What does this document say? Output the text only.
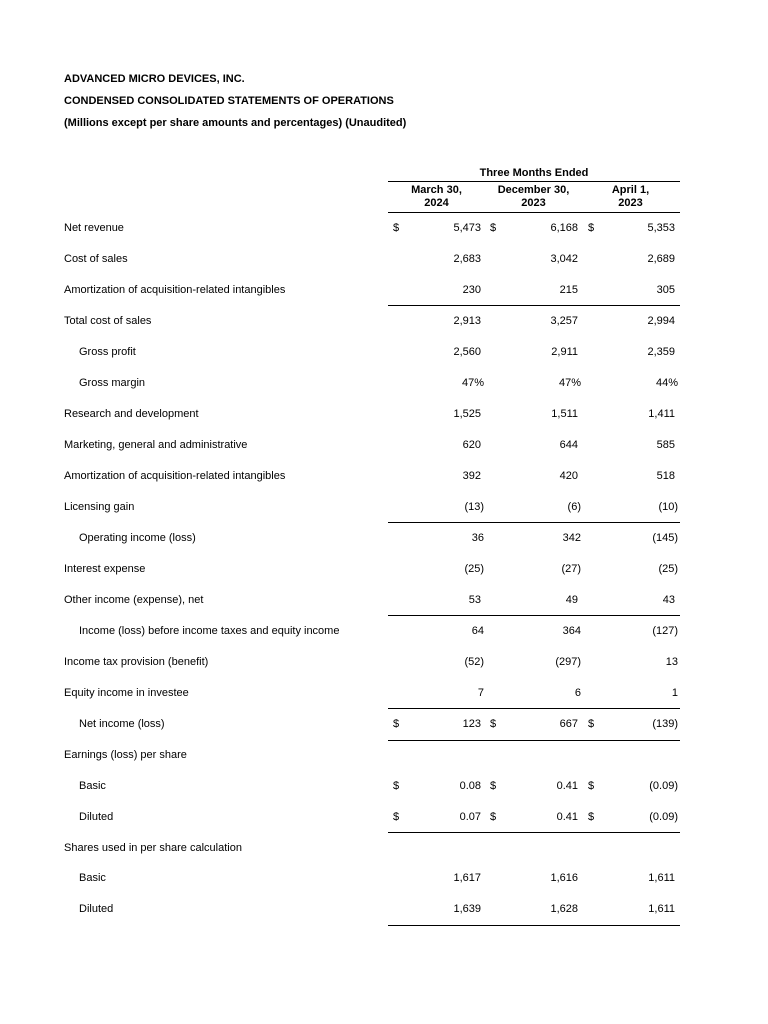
ADVANCED MICRO DEVICES, INC.
CONDENSED CONSOLIDATED STATEMENTS OF OPERATIONS
(Millions except per share amounts and percentages) (Unaudited)
Three Months Ended
March 30,
2024
December 30,
2023
April 1,
2023
Net revenue	$	5,473 $	6,168 $	5,353
Cost of sales	2,683	3,042	2,689
Amortization of acquisition-related intangibles	230	215	305
Total cost of sales	2,913	3,257	2,994
Gross profit	2,560	2,911	2,359
Gross margin	47%	47%	44%
Research and development	1,525	1,511	1,411
Marketing, general and administrative	620	644	585
Amortization of acquisition-related intangibles	392	420	518
Licensing gain	(13)	(6)	(10)
Operating income (loss)	36	342	(145)
Interest expense	(25)	(27)	(25)
Other income (expense), net	53	49	43
Income (loss) before income taxes and equity income	64	364	(127)
Income tax provision (benefit)	(52)	(297)	13
Equity income in investee	7	6	1
Net income (loss)	$	123 $	667 $	(139)
Earnings (loss) per share
Basic	$	0.08 $	0.41 $	(0.09)
Diluted	$	0.07 $	0.41 $	(0.09)
Shares used in per share calculation
Basic	1,617	1,616	1,611
Diluted	1,639	1,628	1,611
